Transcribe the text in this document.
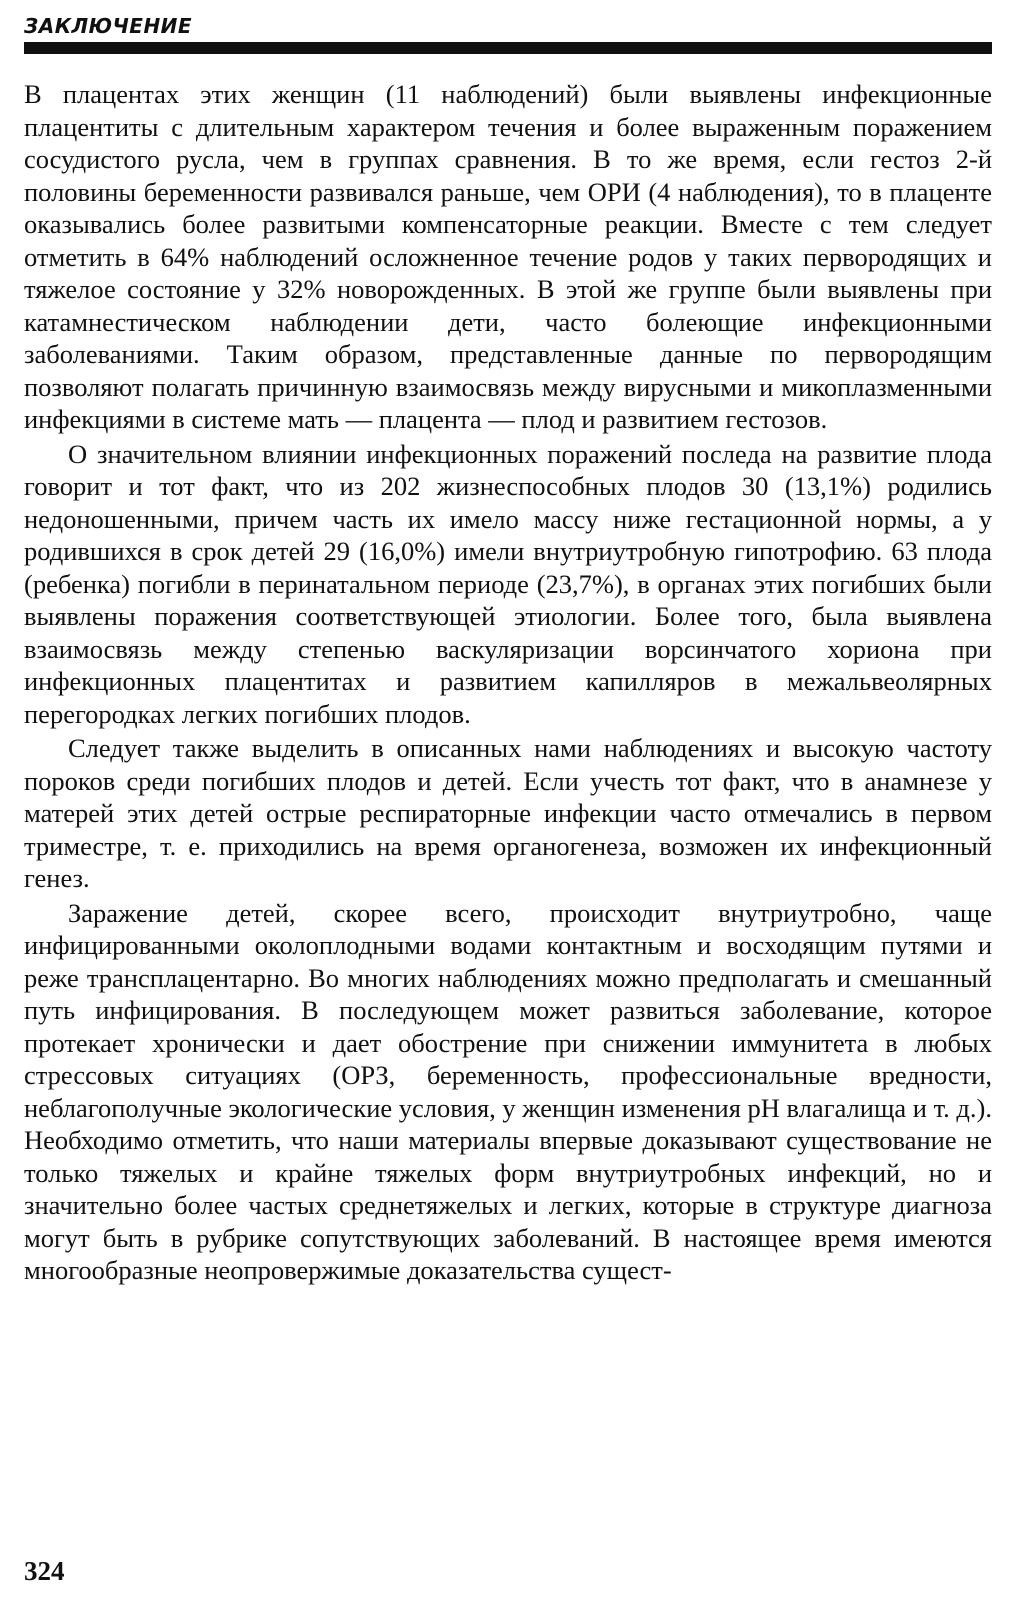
ЗАКЛЮЧЕНИЕ

В плацентах этих женщин (11 наблюдений) были выявлены инфекционные плацентиты с длительным характером течения и более выраженным поражением сосудистого русла, чем в группах сравнения. В то же время, если гестоз 2-й половины беременности развивался раньше, чем ОРИ (4 наблюдения), то в плаценте оказывались более развитыми компенсаторные реакции. Вместе с тем следует отметить в 64% наблюдений осложненное течение родов у таких первородящих и тяжелое состояние у 32% новорожденных. В этой же группе были выявлены при катамнестическом наблюдении дети, часто болеющие инфекционными заболеваниями. Таким образом, представленные данные по первородящим позволяют полагать причинную взаимосвязь между вирусными и микоплазменными инфекциями в системе мать — плацента — плод и развитием гестозов.

О значительном влиянии инфекционных поражений последа на развитие плода говорит и тот факт, что из 202 жизнеспособных плодов 30 (13,1%) родились недоношенными, причем часть их имело массу ниже гестационной нормы, а у родившихся в срок детей 29 (16,0%) имели внутриутробную гипотрофию. 63 плода (ребенка) погибли в перинатальном периоде (23,7%), в органах этих погибших были выявлены поражения соответствующей этиологии. Более того, была выявлена взаимосвязь между степенью васкуляризации ворсинчатого хориона при инфекционных плацентитах и развитием капилляров в межальвеолярных перегородках легких погибших плодов.

Следует также выделить в описанных нами наблюдениях и высокую частоту пороков среди погибших плодов и детей. Если учесть тот факт, что в анамнезе у матерей этих детей острые респираторные инфекции часто отмечались в первом триместре, т. е. приходились на время органогенеза, возможен их инфекционный генез.

Заражение детей, скорее всего, происходит внутриутробно, чаще инфицированными околоплодными водами контактным и восходящим путями и реже трансплацентарно. Во многих наблюдениях можно предполагать и смешанный путь инфицирования. В последующем может развиться заболевание, которое протекает хронически и дает обострение при снижении иммунитета в любых стрессовых ситуациях (ОРЗ, беременность, профессиональные вредности, неблагополучные экологические условия, у женщин изменения рН влагалища и т. д.). Необходимо отметить, что наши материалы впервые доказывают существование не только тяжелых и крайне тяжелых форм внутриутробных инфекций, но и значительно более частых среднетяжелых и легких, которые в структуре диагноза могут быть в рубрике сопутствующих заболеваний. В настоящее время имеются многообразные неопровержимые доказательства сущест-

324
